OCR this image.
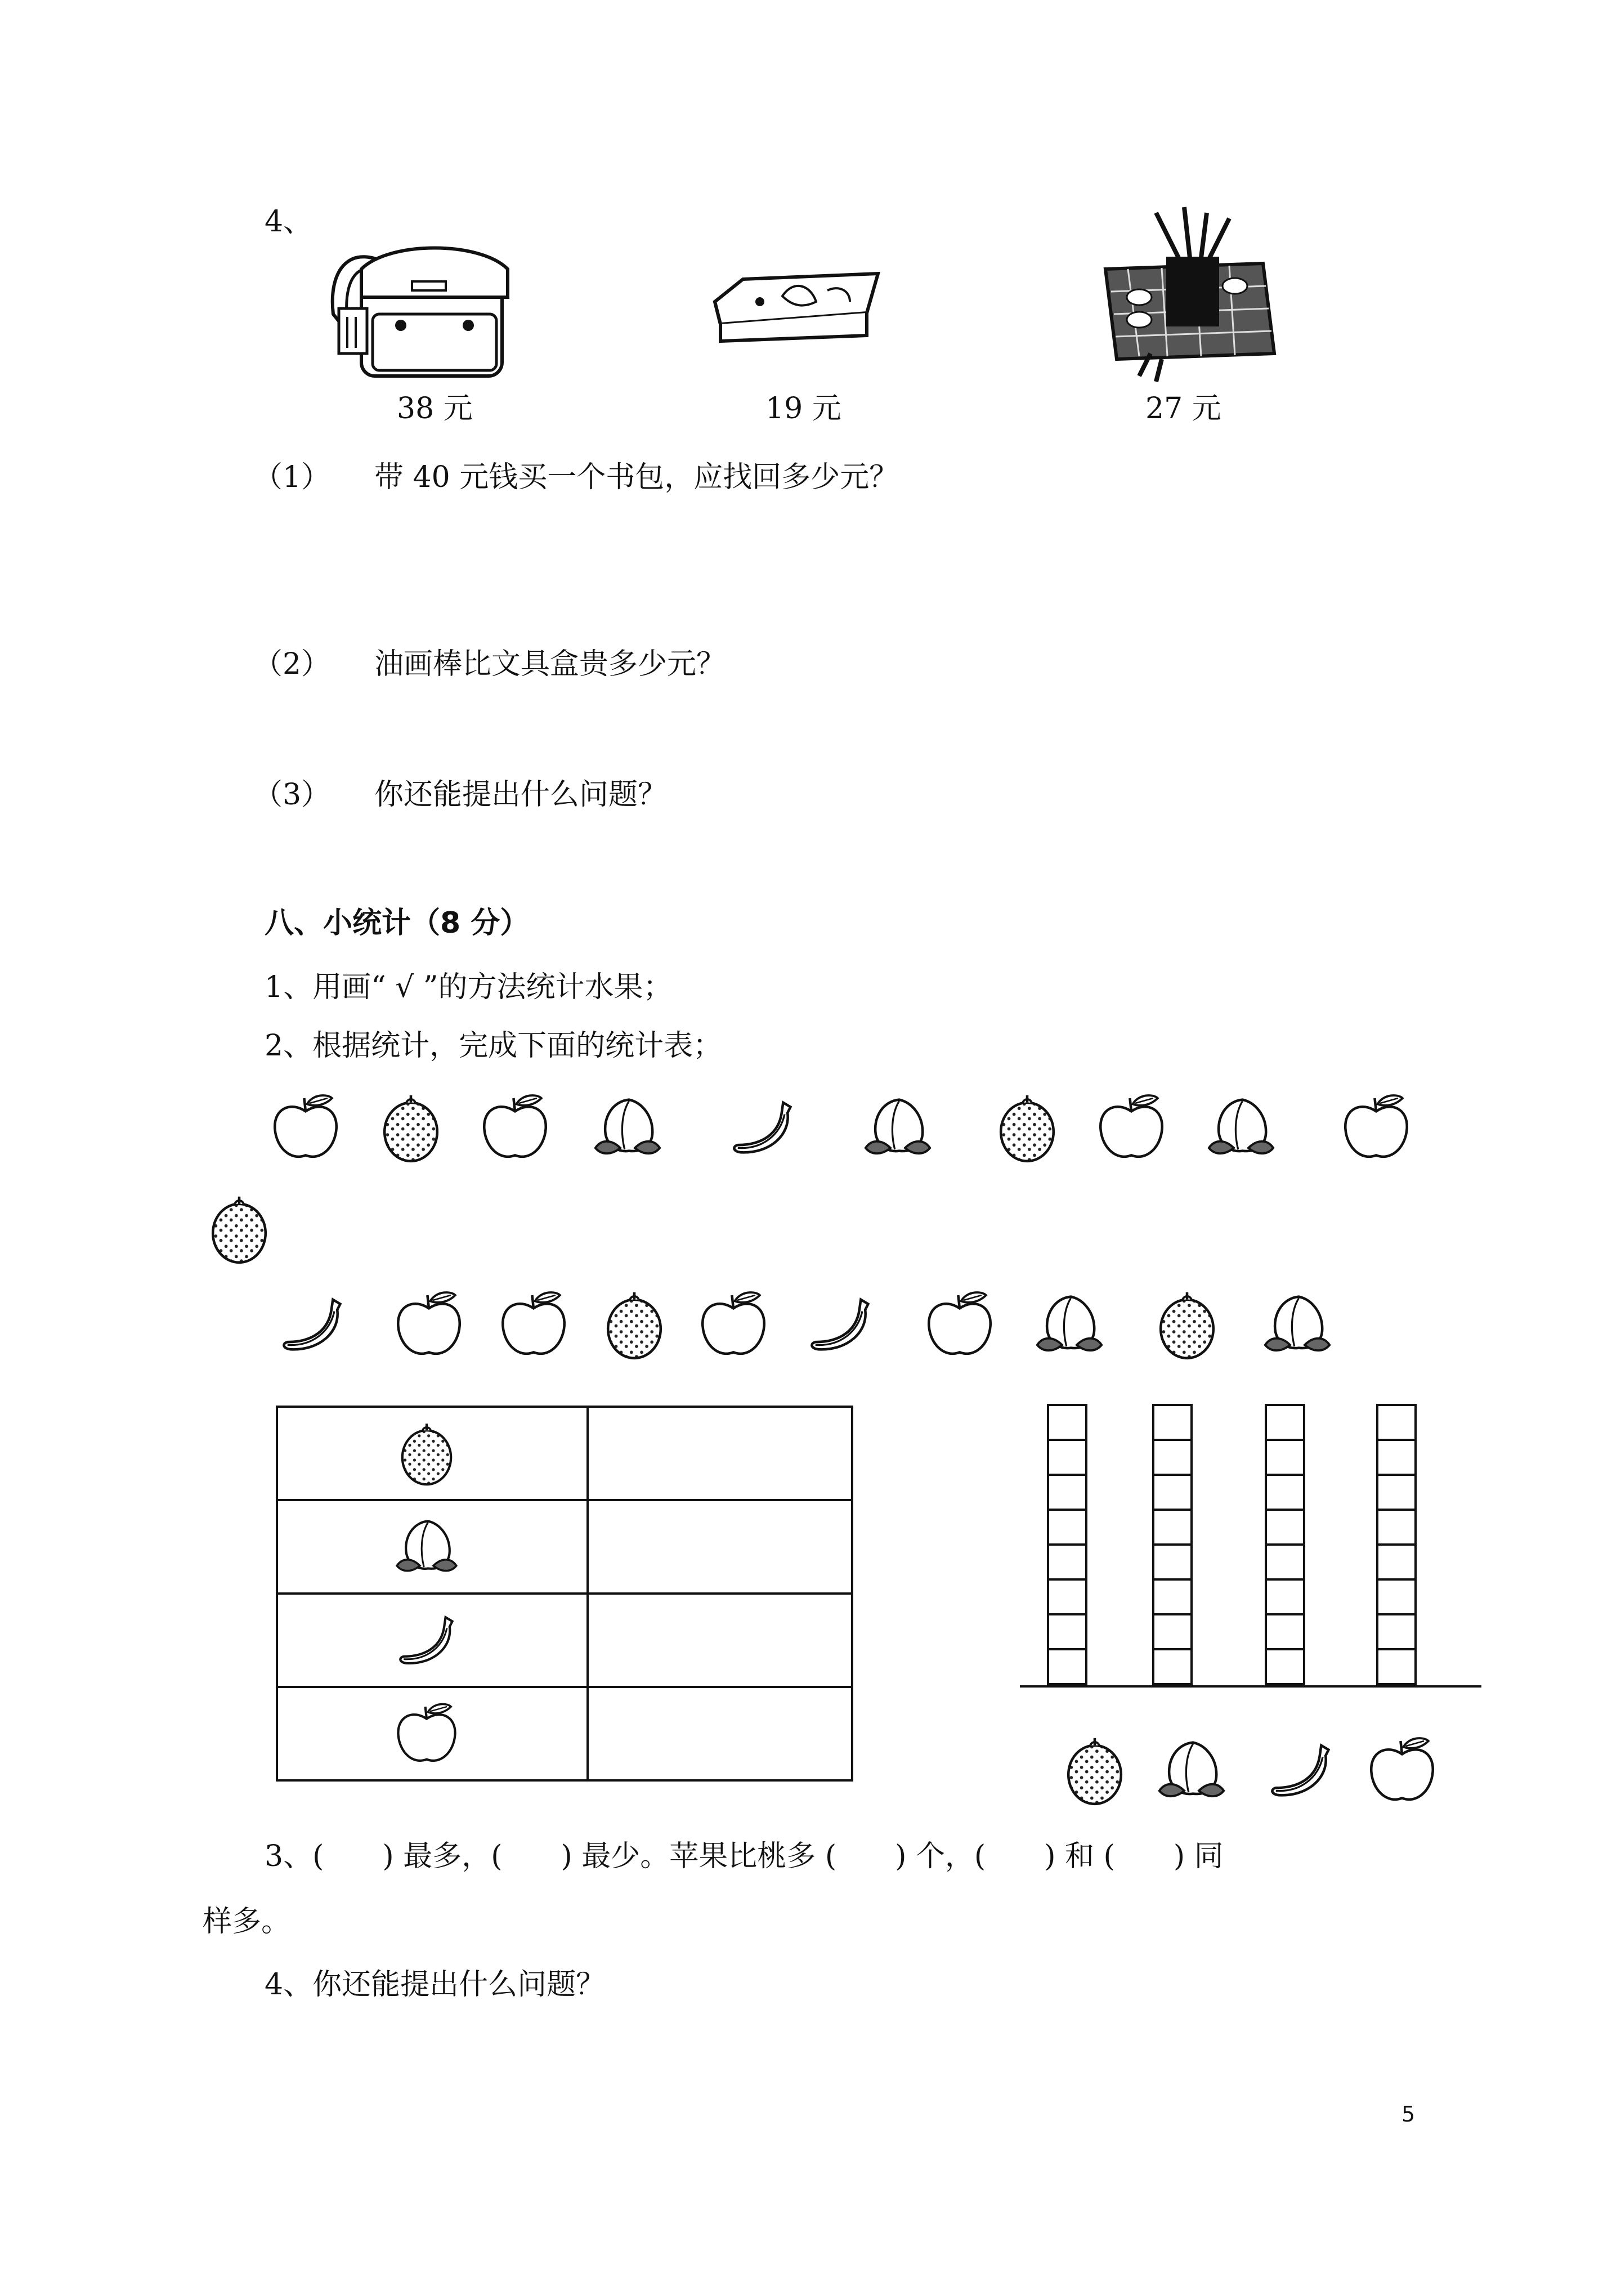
4、
38 元	19 元	27 元
（1） 带 40 元钱买一个书包，应找回多少元？
（2） 油画棒比文具盒贵多少元？
（3） 你还能提出什么问题？
八、小统计（8 分）
1、用画“ √ ”的方法统计水果；
2、根据统计，完成下面的统计表；

3、(　　) 最多，(　　) 最少。苹果比桃多 (　　) 个，(　　) 和 (　　) 同
样多。
4、你还能提出什么问题？
5
